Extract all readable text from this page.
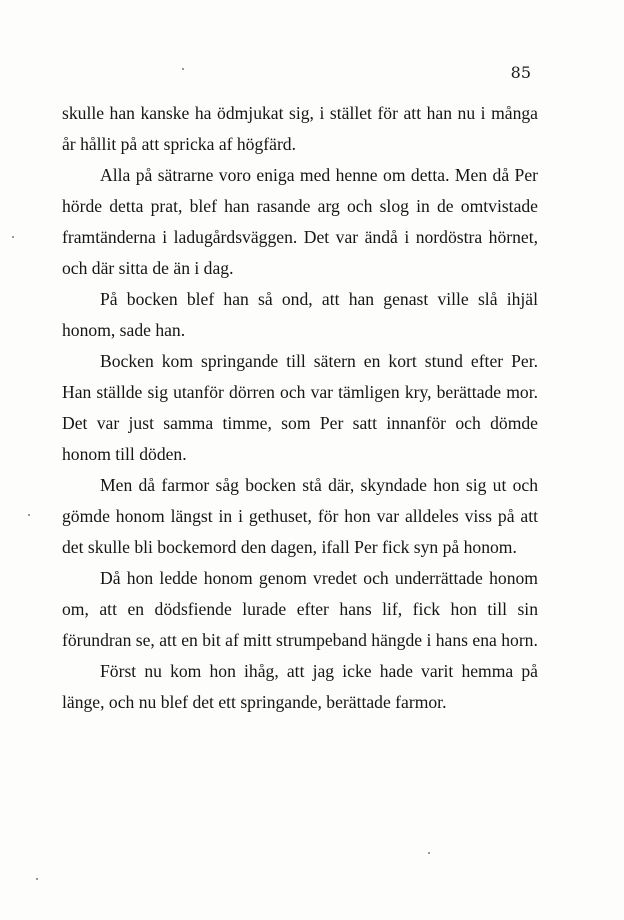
85

skulle han kanske ha ödmjukat sig, i stället för att han nu i många år hållit på att spricka af högfärd.

Alla på sätrarne voro eniga med henne om detta. Men då Per hörde detta prat, blef han rasande arg och slog in de omtvistade framtänderna i ladugårdsväggen. Det var ändå i nordöstra hörnet, och där sitta de än i dag.

På bocken blef han så ond, att han genast ville slå ihjäl honom, sade han.

Bocken kom springande till sätern en kort stund efter Per. Han ställde sig utanför dörren och var tämligen kry, berättade mor. Det var just samma timme, som Per satt innanför och dömde honom till döden.

Men då farmor såg bocken stå där, skyndade hon sig ut och gömde honom längst in i gethuset, för hon var alldeles viss på att det skulle bli bockemord den dagen, ifall Per fick syn på honom.

Då hon ledde honom genom vredet och underrättade honom om, att en dödsfiende lurade efter hans lif, fick hon till sin förundran se, att en bit af mitt strumpeband hängde i hans ena horn.

Först nu kom hon ihåg, att jag icke hade varit hemma på länge, och nu blef det ett springande, berättade farmor.
